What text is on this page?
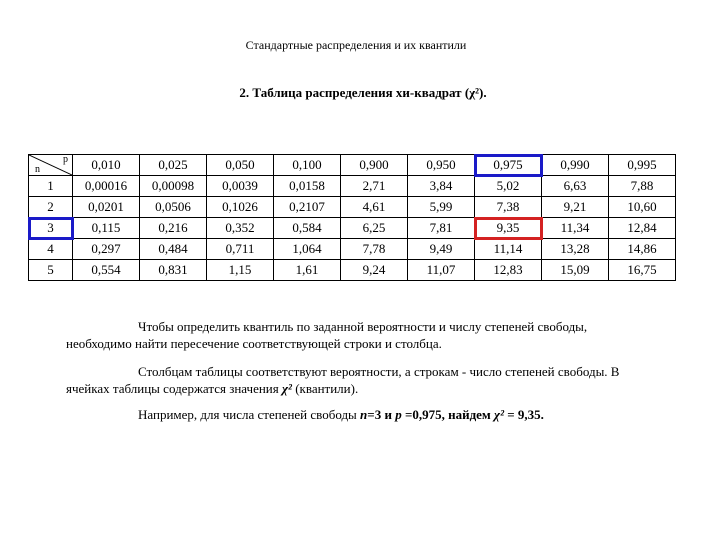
Стандартные распределения и их квантили
2. Таблица распределения хи-квадрат (χ²).
p
n	0,010	0,025	0,050	0,100	0,900	0,950	0,975	0,990	0,995
1	0,00016	0,00098	0,0039	0,0158	2,71	3,84	5,02	6,63	7,88
2	0,0201	0,0506	0,1026	0,2107	4,61	5,99	7,38	9,21	10,60
3	0,115	0,216	0,352	0,584	6,25	7,81	9,35	11,34	12,84
4	0,297	0,484	0,711	1,064	7,78	9,49	11,14	13,28	14,86
5	0,554	0,831	1,15	1,61	9,24	11,07	12,83	15,09	16,75
Чтобы определить квантиль по заданной вероятности и числу степеней свободы, необходимо найти пересечение соответствующей строки и столбца.
Столбцам таблицы соответствуют вероятности, а строкам - число степеней свободы. В ячейках таблицы содержатся значения χ² (квантили).
Например, для числа степеней свободы n=3 и p =0,975, найдем χ² = 9,35.
